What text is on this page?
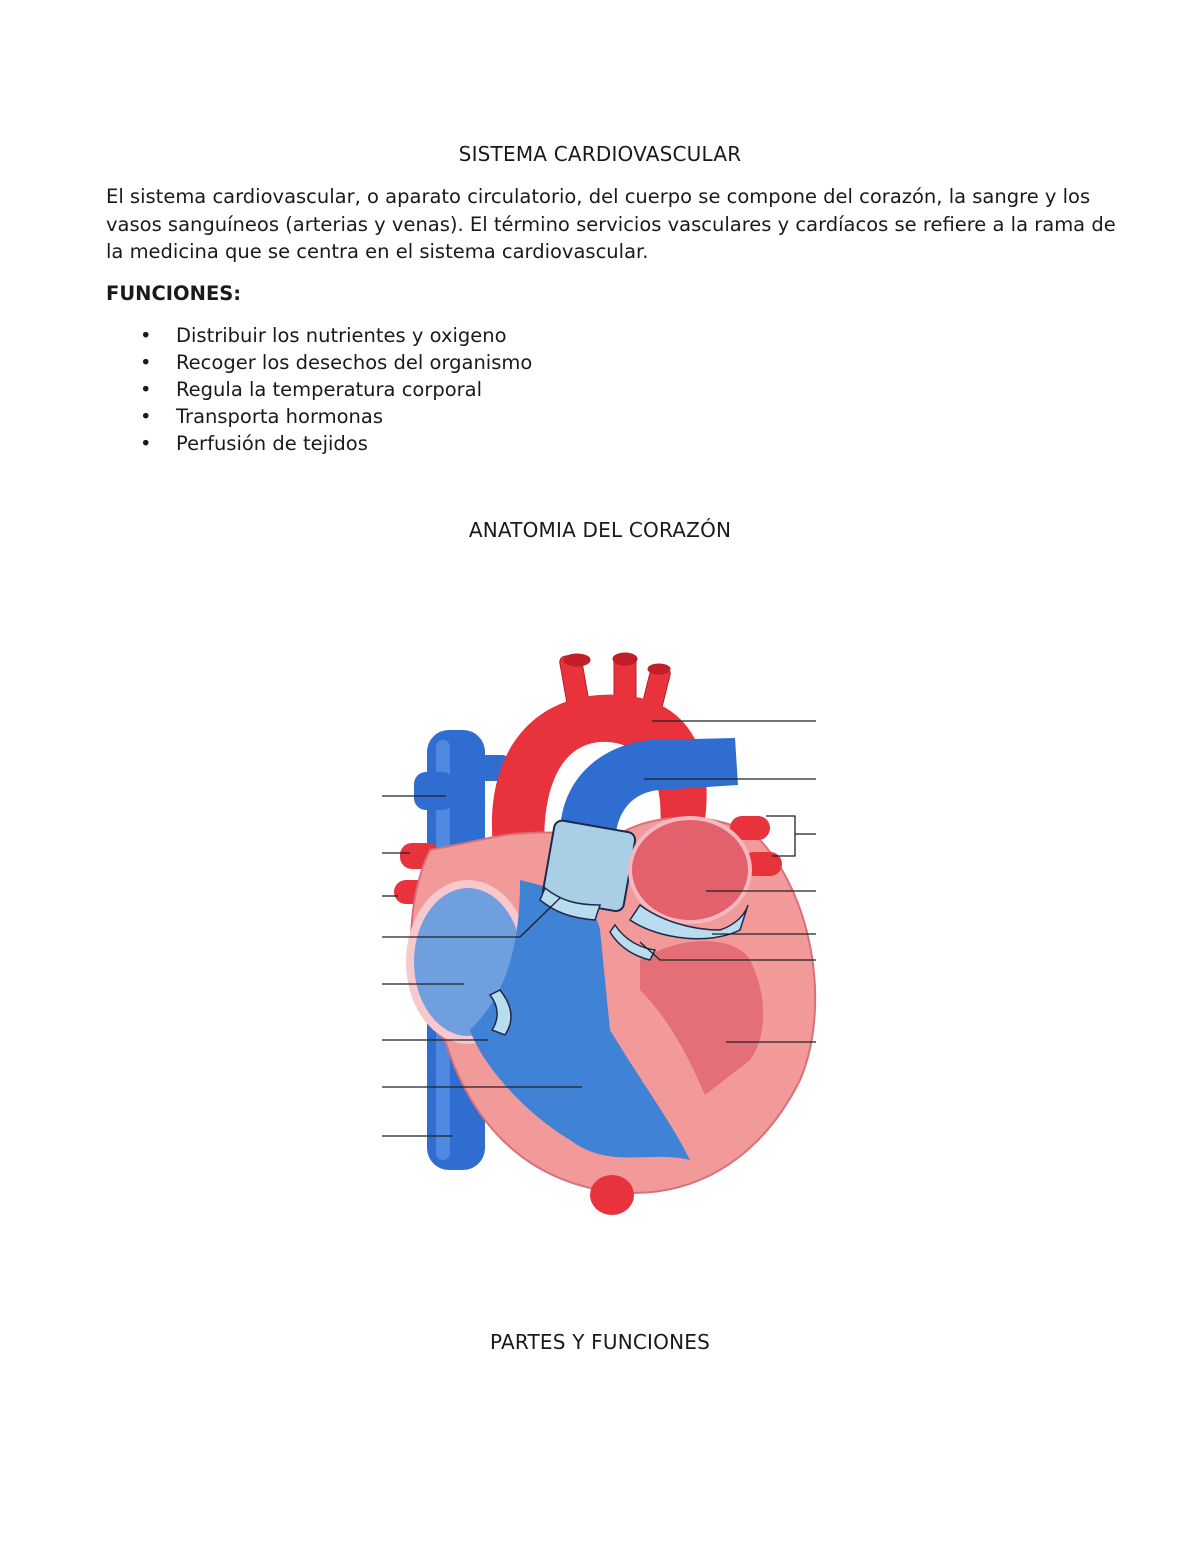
SISTEMA CARDIOVASCULAR

El sistema cardiovascular, o aparato circulatorio, del cuerpo se compone del corazón, la sangre y los vasos sanguíneos (arterias y venas). El término servicios vasculares y cardíacos se refiere a la rama de la medicina que se centra en el sistema cardiovascular.

FUNCIONES:
• Distribuir los nutrientes y oxigeno
• Recoger los desechos del organismo
• Regula la temperatura corporal
• Transporta hormonas
• Perfusión de tejidos
ANATOMIA DEL CORAZÓN
PARTES Y FUNCIONES
